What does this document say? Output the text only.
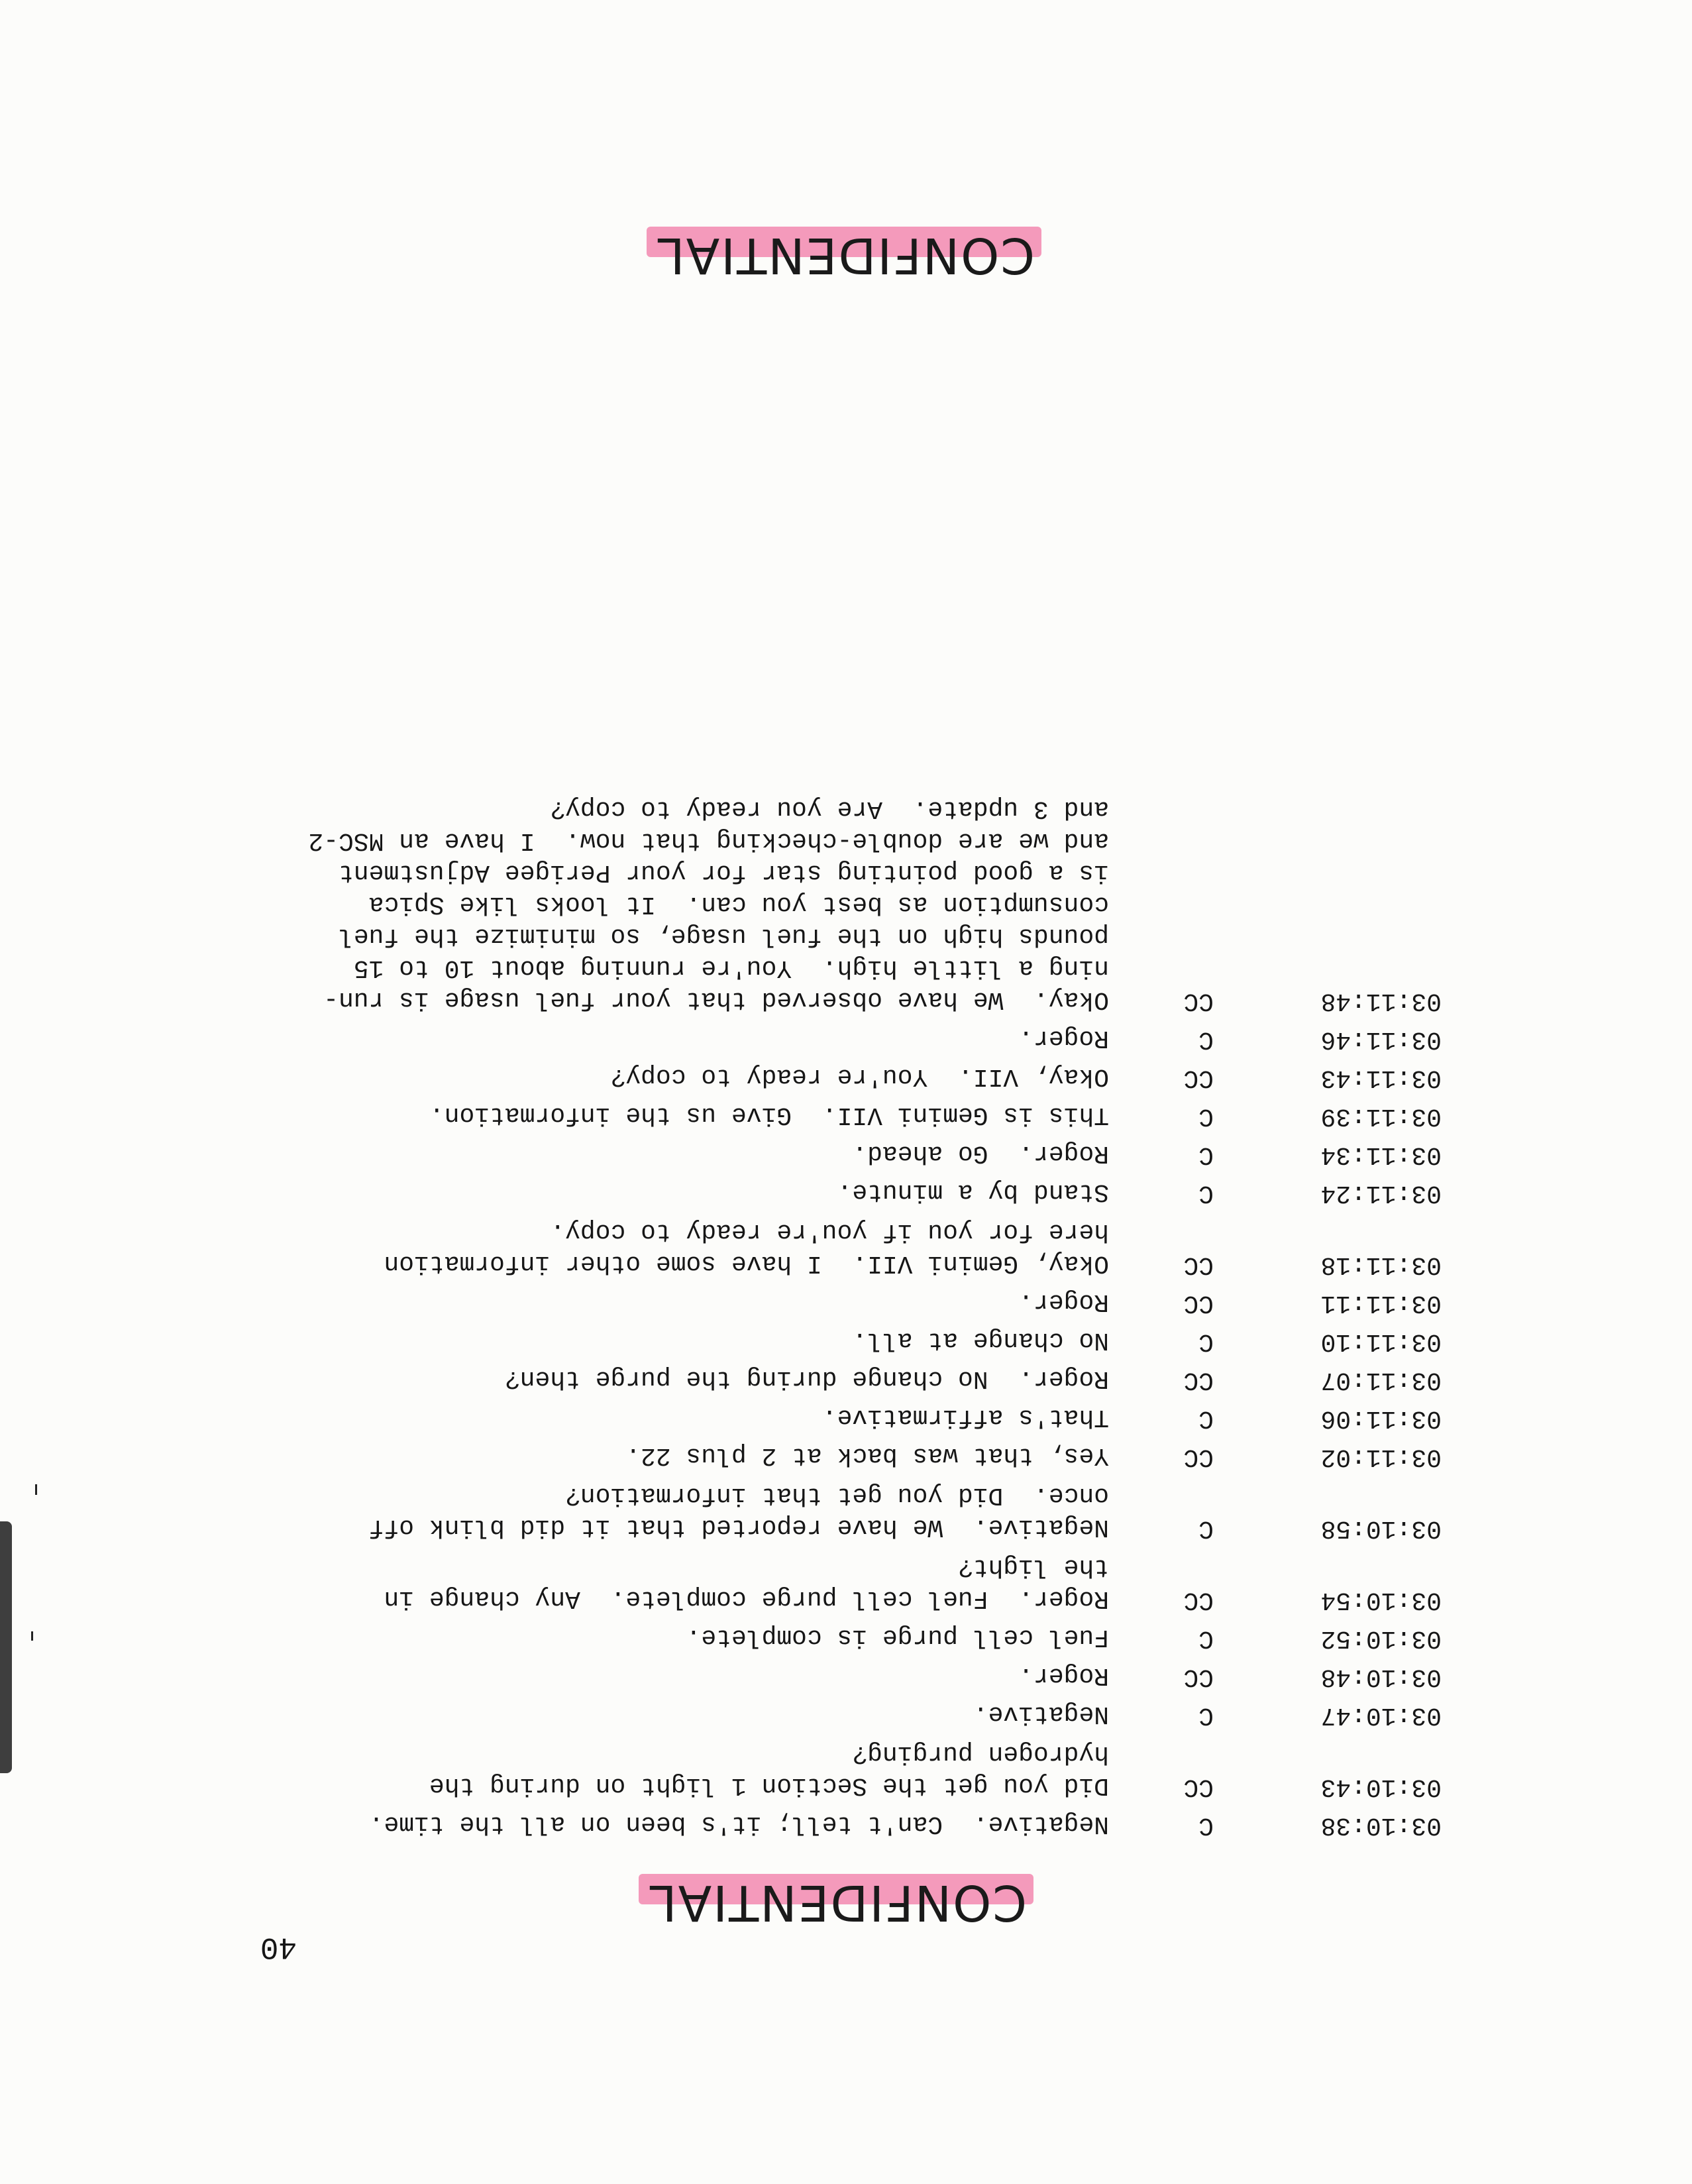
40
CONFIDENTIAL
03:10:38
C
Negative.  Can't tell; it's been on all the time.
03:10:43
CC
Did you get the Section 1 light on during the
hydrogen purging?
03:10:47
C
Negative.
03:10:48
CC
Roger.
03:10:52
C
Fuel cell purge is complete.
03:10:54
CC
Roger.  Fuel cell purge complete.  Any change in
the light?
03:10:58
C
Negative.  We have reported that it did blink off
once.  Did you get that information?
03:11:02
CC
Yes, that was back at 2 plus 22.
03:11:06
C
That's affirmative.
03:11:07
CC
Roger.  No change during the purge then?
03:11:10
C
No change at all.
03:11:11
CC
Roger.
03:11:18
CC
Okay, Gemini VII.  I have some other information
here for you if you're ready to copy.
03:11:24
C
Stand by a minute.
03:11:34
C
Roger.  Go ahead.
03:11:39
C
This is Gemini VII.  Give us the information.
03:11:43
CC
Okay, VII.  You're ready to copy?
03:11:46
C
Roger.
03:11:48
CC
Okay.  We have observed that your fuel usage is run-
ning a little high.  You're running about 10 to 15
pounds high on the fuel usage, so minimize the fuel
consumption as best you can.  It looks like Spica
is a good pointing star for your Perigee Adjustment
and we are double-checking that now.  I have an MSC-2
and 3 update.  Are you ready to copy?
CONFIDENTIAL
